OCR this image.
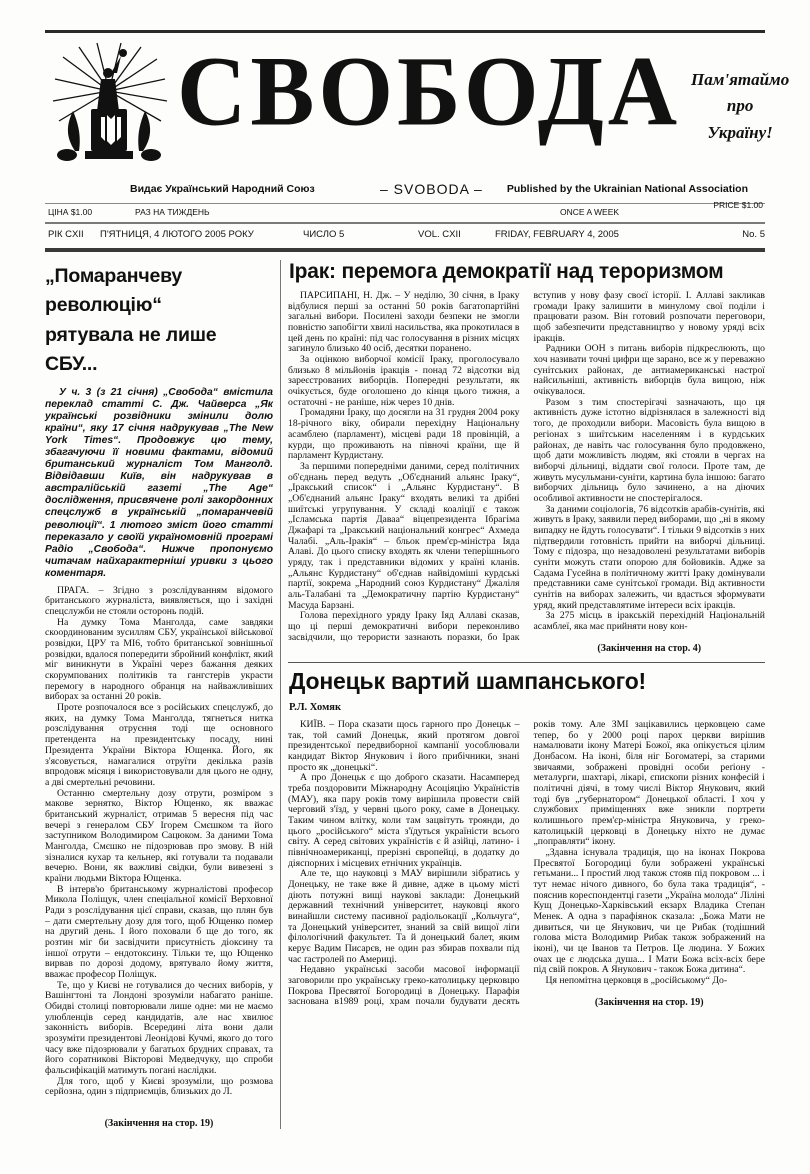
СВОБОДА Пам'ятаймо
про
Україну!
Видає Український Народний Союз	– SVOBODA – Published by the Ukrainian National Association
ЦІНА $1.00	РАЗ НА ТИЖДЕНЬ	ONCE A WEEK
PRICE $1.00
РІК CXII П'ЯТНИЦЯ, 4 ЛЮТОГО 2005 РОКУ	ЧИСЛО 5	VOL. CXII	FRIDAY, FEBRUARY 4, 2005	No. 5
„Помаранчеву революцію“
рятувала не лише СБУ...

У ч. 3 (з 21 січня) „Свобода“ вмістила переклад статті С. Дж. Чайверса „Як українські розвідники змінили долю країни“, яку 17 січня надрукував „The New York Times“. Продовжує цю тему, збагачуючи її новими фактами, відомий британський журналіст Том Манголд. Відвідавши Київ, він надрукував в австралійській газеті „The Age“ дослідження, присвячене ролі закордонних спецслужб в українській „помаранчевій революції“. 1 лютого зміст його статті переказало у своїй україномовній програмі Радіо „Свобода“. Нижче пропонуємо читачам найхарактерніші уривки з цього коментаря.

ПРАГА. – Згідно з розслідуванням відомого британського журналіста, виявляється, що і західні спецслужби не стояли осторонь подій.

На думку Тома Манголда, саме завдяки скоординованим зусиллям СБУ, української військової розвідки, ЦРУ та МІ6, тобто британської зовнішньої розвідки, вдалося попередити збройний конфлікт, який міг виникнути в Україні через бажання деяких скорумпованих політиків та гангстерів украсти перемогу в народного обранця на найважливіших виборах за останні 20 років.

Проте розпочалося все з російських спецслужб, до яких, на думку Тома Манголда, тягнеться нитка розслідування отруєння тоді ще основного претендента на президентську посаду, нині Президента України Віктора Ющенка. Його, як з'ясовується, намагалися отруїти декілька разів впродовж місяця і використовували для цього не одну, а дві смертельні речовини.

Останню смертельну дозу отрути, розміром з макове зернятко, Віктор Ющенко, як вважає британський журналіст, отримав 5 вересня під час вечері з генералом СБУ Ігорем Смєшком та його заступником Володимиром Сацюком. За даними Тома Манголда, Смєшко не підозрював про змову. В ній зізналися кухар та кельнер, які готували та подавали вечерю. Вони, як важливі свідки, були вивезені з країни людьми Віктора Ющенка.

В інтерв'ю британському журналістові професор Микола Поліщук, член спеціальної комісії Верховної Ради з розслідування цієї справи, сказав, що плян був – дати смертельну дозу для того, щоб Ющенко помер на другий день. І його поховали б ще до того, як розтин міг би засвідчити присутність діоксину та іншої отрути – ендотоксину. Тільки те, що Ющенко вирвав по дорозі додому, врятувало йому життя, вважає професор Поліщук.

Те, що у Києві не готувалися до чесних виборів, у Вашінгтоні та Лондоні зрозуміли набагато раніше. Обидві столиці повторювали лише одне: ми не маємо улюбленців серед кандидатів, але нас хвилює законність виборів. Всередині літа вони дали зрозуміти президентові Леонідові Кучмі, якого до того часу вже підозрювали у багатьох брудних справах, та його соратникові Вікторові Медведчуку, що спроби фальсифікацій матимуть погані наслідки.

Для того, щоб у Києві зрозуміли, що розмова серйозна, один з підприємців, близьких до Л.

(Закінчення на стор. 19)

Ірак: перемога демократії над тероризмом

ПАРСИПАНІ, Н. Дж. – У неділю, 30 січня, в Іраку відбулися перші за останні 50 років багатопартійні загальні вибори. Посилені заходи безпеки не змогли повністю запобігти хвилі насильства, яка прокотилася в цей день по країні: під час голосування в різних місцях загинуло близько 40 осіб, десятки поранено.

За оцінкою виборчої комісії Іраку, проголосувало близько 8 мільйонів іракців - понад 72 відсотки від зареєстрованих виборців. Попередні результати, як очікується, буде оголошено до кінця цього тижня, а остаточні - не раніше, ніж через 10 днів.

Громадяни Іраку, що досягли на 31 грудня 2004 року 18-річного віку, обирали перехідну Національну асамблею (парламент), місцеві ради 18 провінцій, а курди, що проживають на півночі країни, ще й парламент Курдистану.

За першими попередніми даними, серед політичних об'єднань перед ведуть „Об'єднаний альянс Іраку“, „Іракський список“ і „Альянс Курдистану“. В „Об'єднаний альянс Іраку“ входять великі та дрібні шиїтські угрупування. У складі коаліції є також „Ісламська партія Даваа“ віцепрезидента Ібрагіма Джафарі та „Іракський національний конгрес“ Ахмеда Чалабі. „Аль-Іракія“ – бльок прем'єр-міністра Іяда Алаві. До цього списку входять як члени теперішнього уряду, так і представники відомих у країні кланів. „Альянс Курдистану“ об'єднав найвідоміші курдські партії, зокрема „Народний союз Курдистану“ Джаліля аль-Талабані та „Демократичну партію Курдистану“ Масуда Барзані.

Голова перехідного уряду Іраку Іяд Аллаві сказав, що ці перші демократичні вибори переконливо засвідчили, що терористи зазнають поразки, бо Ірак вступив у нову фазу своєї історії. І. Аллаві закликав громади Іраку залишити в минулому свої поділи і працювати разом. Він готовий розпочати переговори, щоб забезпечити представництво у новому уряді всіх іракців.

Радники ООН з питань виборів підкреслюють, що хоч називати точні цифри ще зарано, все ж у переважно сунітських районах, де антиамериканські настрої найсильніші, активність виборців була вищою, ніж очікувалося.

Разом з тим спостерігачі зазначають, що ця активність дуже істотно відрізнялася в залежності від того, де проходили вибори. Масовість була вищою в регіонах з шиїтським населенням і в курдських районах, де навіть час голосування було продовжено, щоб дати можливість людям, які стояли в чергах на виборчі дільниці, віддати свої голоси. Проте там, де живуть мусульмани-суніти, картина була іншою: багато виборчих дільниць було зачинено, а на діючих особливої активности не спостерігалося.

За даними соціологів, 76 відсотків арабів-сунітів, які живуть в Іраку, заявили перед виборами, що „ні в якому випадку не йдуть голосувати“. І тільки 9 відсотків з них підтвердили готовність прийти на виборчі дільниці. Тому є підозра, що незадоволені результатами виборів суніти можуть стати опорою для бойовиків. Адже за Садама Гусейна в політичному житті Іраку домінували представники саме сунітської громади. Від активности сунітів на виборах залежить, чи вдасться зформувати уряд, який представлятиме інтереси всіх іракців.

За 275 місць в іракській перехідній Національній асамблеї, яка має прийняти нову кон-

(Закінчення на стор. 4)

Донецьк вартий шампанського!
Р.Л. Хомяк

КИЇВ. – Пора сказати щось гарного про Донецьк – так, той самий Донецьк, який протягом довгої президентської передвиборної кампанії уособлювали кандидат Віктор Янукович і його прибічники, знані просто як „донецькі“.

А про Донецьк є що доброго сказати. Насамперед треба поздоровити Міжнародну Асоціяцію Україністів (МАУ), яка пару років тому вирішила провести свій черговий з'їзд, у червні цього року, саме в Донецьку. Таким чином влітку, коли там зацвітуть троянди, до цього „російського“ міста з'їдуться україністи всього світу. А серед світових україністів є й азійці, латино- і північноамериканці, прерізні європейці, в додатку до діяспорних і місцевих етнічних українців.

Але те, що науковці з МАУ вирішили зібратись у Донецьку, не таке вже й дивне, адже в цьому місті діють потужні вищі наукові заклади: Донецький державний технічний університет, науковці якого винайшли систему пасивної радіольокації „Кольчуга“, та Донецький університет, знаний за свій вищої ліґи філологічний факультет. Та й донецький балет, яким керує Вадим Писарєв, не один раз збирав похвали під час ґастролей по Америці.

Недавно українські засоби масової інформації заговорили про українську греко-католицьку церковцю Покрова Пресвятої Богородиці в Донецьку. Парафія заснована в1989 році, храм почали будувати десять років тому. Але ЗМІ зацікавились церковцею саме тепер, бо у 2000 році парох церкви вирішив намалювати ікону Матері Божої, яка опікується цілим Донбасом. На іконі, біля ніг Богоматері, за старими звичаями, зображені провідні особи реґіону - металурги, шахтарі, лікарі, єпископи різних конфесій і політичні діячі, в тому числі Віктор Янукович, який тоді був „губернатором“ Донецької області. І хоч у службових приміщеннях вже зникли портрети колишнього прем'єр-міністра Януковича, у греко-католицькій церковці в Донецьку ніхто не думає „поправляти“ ікону.

„Здавна існувала традиція, що на іконах Покрова Пресвятої Богородиці були зображені українські гетьмани... І простий люд також стояв під покровом ... і тут немає нічого дивного, бо була така традиція“, - пояснив кореспондентці газети „Україна молода“ Ліліні Кущ Донецько-Харківський екзарх Владика Степан Менек. А одна з парафіянок сказала: „Божа Мати не дивиться, чи це Янукович, чи це Рибак (тодішний голова міста Володимир Рибак також зображений на іконі), чи це Іванов та Петров. Це людина. У Божих очах це є людська душа... І Мати Божа всіх-всіх бере під свій покров. А Янукович - також Божа дитина“.

Ця непомітна церковця в „російському“ До-

(Закінчення на стор. 19)
